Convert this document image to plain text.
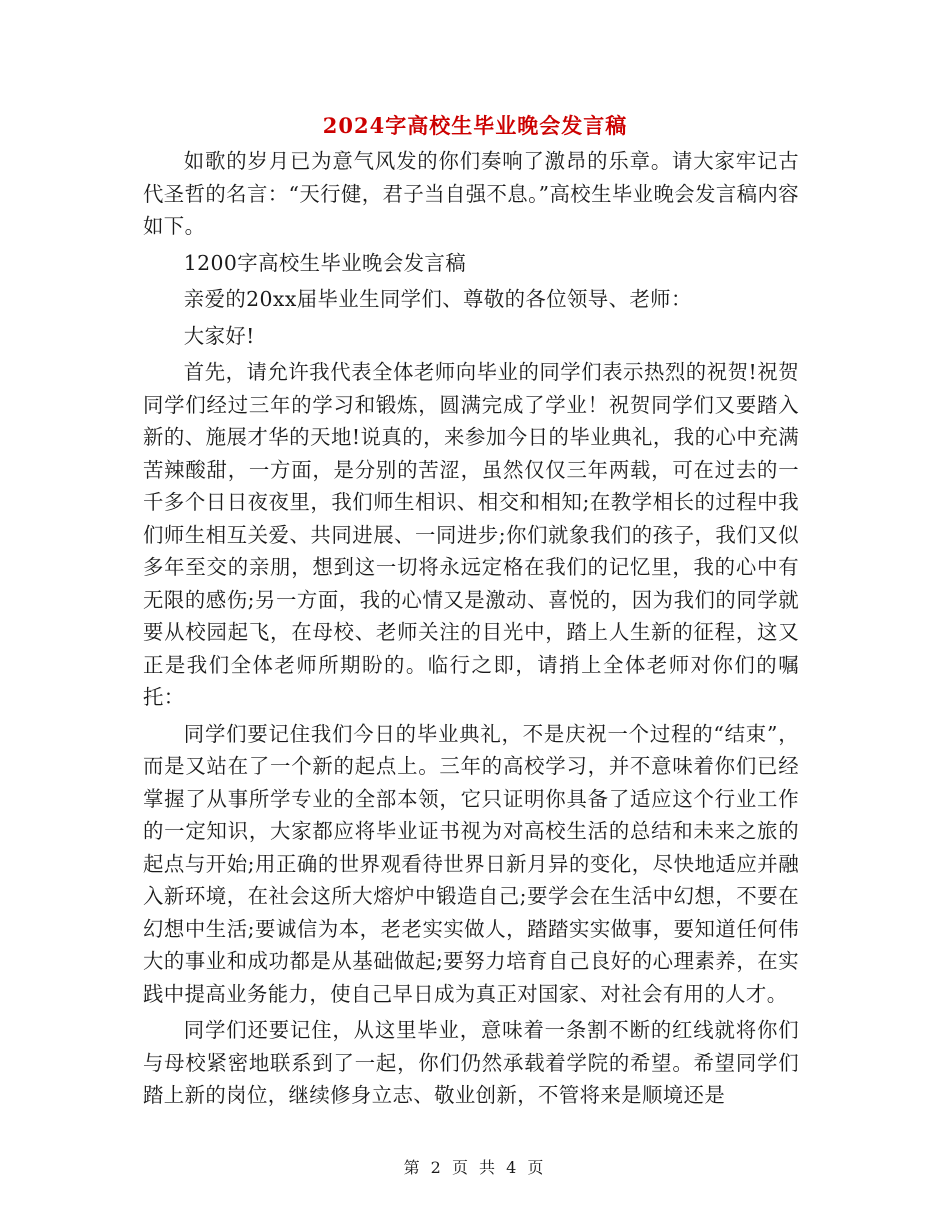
2024字高校生毕业晚会发言稿

如歌的岁月已为意气风发的你们奏响了激昂的乐章。请大家牢记古代圣哲的名言：“天行健，君子当自强不息。”高校生毕业晚会发言稿内容如下。

1200字高校生毕业晚会发言稿

亲爱的20xx届毕业生同学们、尊敬的各位领导、老师：

大家好!

首先，请允许我代表全体老师向毕业的同学们表示热烈的祝贺!祝贺同学们经过三年的学习和锻炼，圆满完成了学业！祝贺同学们又要踏入新的、施展才华的天地!说真的，来参加今日的毕业典礼，我的心中充满苦辣酸甜，一方面，是分别的苦涩，虽然仅仅三年两载，可在过去的一千多个日日夜夜里，我们师生相识、相交和相知;在教学相长的过程中我们师生相互关爱、共同进展、一同进步;你们就象我们的孩子，我们又似多年至交的亲朋，想到这一切将永远定格在我们的记忆里，我的心中有无限的感伤;另一方面，我的心情又是激动、喜悦的，因为我们的同学就要从校园起飞，在母校、老师关注的目光中，踏上人生新的征程，这又正是我们全体老师所期盼的。临行之即，请捎上全体老师对你们的嘱托：

同学们要记住我们今日的毕业典礼，不是庆祝一个过程的“结束”，而是又站在了一个新的起点上。三年的高校学习，并不意味着你们已经掌握了从事所学专业的全部本领，它只证明你具备了适应这个行业工作的一定知识，大家都应将毕业证书视为对高校生活的总结和未来之旅的起点与开始;用正确的世界观看待世界日新月异的变化，尽快地适应并融入新环境，在社会这所大熔炉中锻造自己;要学会在生活中幻想，不要在幻想中生活;要诚信为本，老老实实做人，踏踏实实做事，要知道任何伟大的事业和成功都是从基础做起;要努力培育自己良好的心理素养，在实践中提高业务能力，使自己早日成为真正对国家、对社会有用的人才。

同学们还要记住，从这里毕业，意味着一条割不断的红线就将你们与母校紧密地联系到了一起，你们仍然承载着学院的希望。希望同学们踏上新的岗位，继续修身立志、敬业创新，不管将来是顺境还是

第 2 页 共 4 页
